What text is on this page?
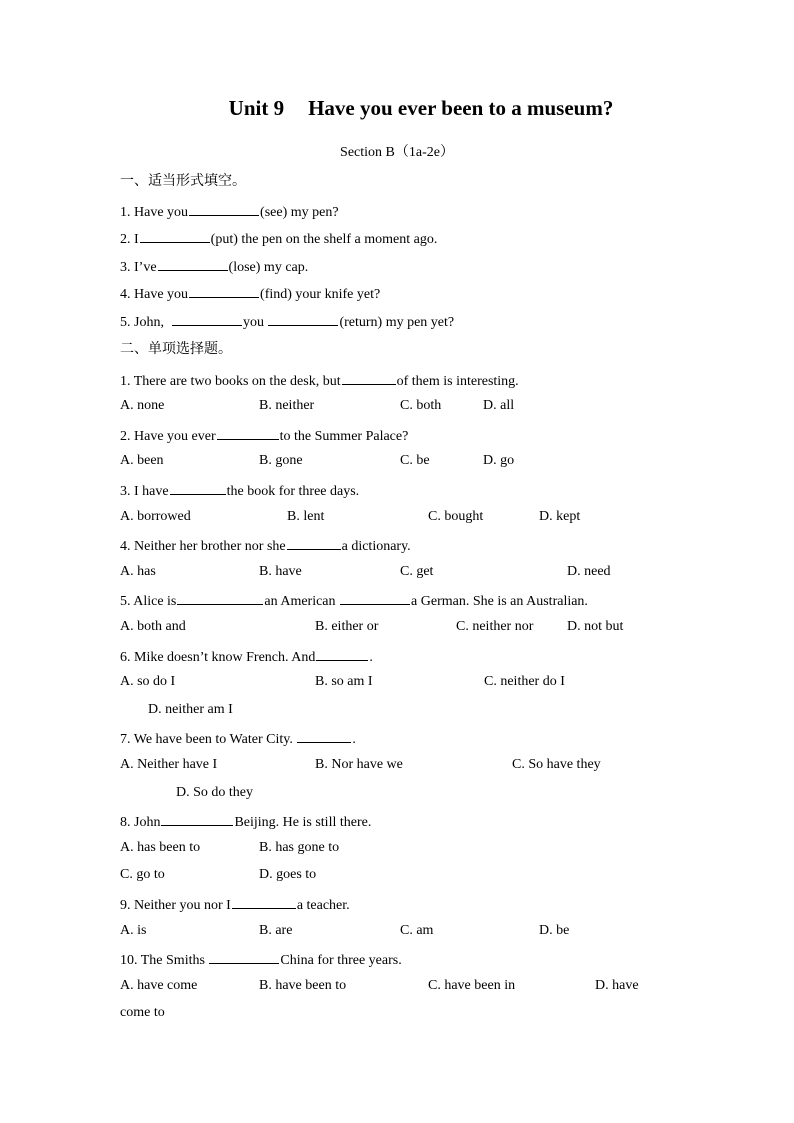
Unit 9 Have you ever been to a museum?
Section B（1a-2e）
一、适当形式填空。
1. Have you	(see) my pen?
2. I	(put) the pen on the shelf a moment ago.
3. I’ve	(lose) my cap.
4. Have you	(find) your knife yet?
5. John,	you	(return) my pen yet?
二、单项选择题。
1. There are two books on the desk, but	of them is interesting.
A. none	B. neither	C. both	D. all
2. Have you ever	to the Summer Palace?
A. been	B. gone	C. be	D. go
3. I have	the book for three days.
A. borrowed	B. lent	C. bought	D. kept
4. Neither her brother nor she	a dictionary.
A. has	B. have	C. get	D. need
5. Alice is	an American	a German. She is an Australian.
A. both and	B. either or	C. neither nor D. not but
6. Mike doesn’t know French. And	.
A. so do I	B. so am I	C. neither do I
D. neither am I
7. We have been to Water City.	.
A. Neither have I	B. Nor have we	C. So have they
D. So do they
8. John	Beijing. He is still there.
A. has been to	B. has gone to
C. go to	D. goes to
9. Neither you nor I	a teacher.
A. is	B. are	C. am	D. be
10. The Smiths	China for three years.
A. have come	B. have been to	C. have been in	D. have
come to
